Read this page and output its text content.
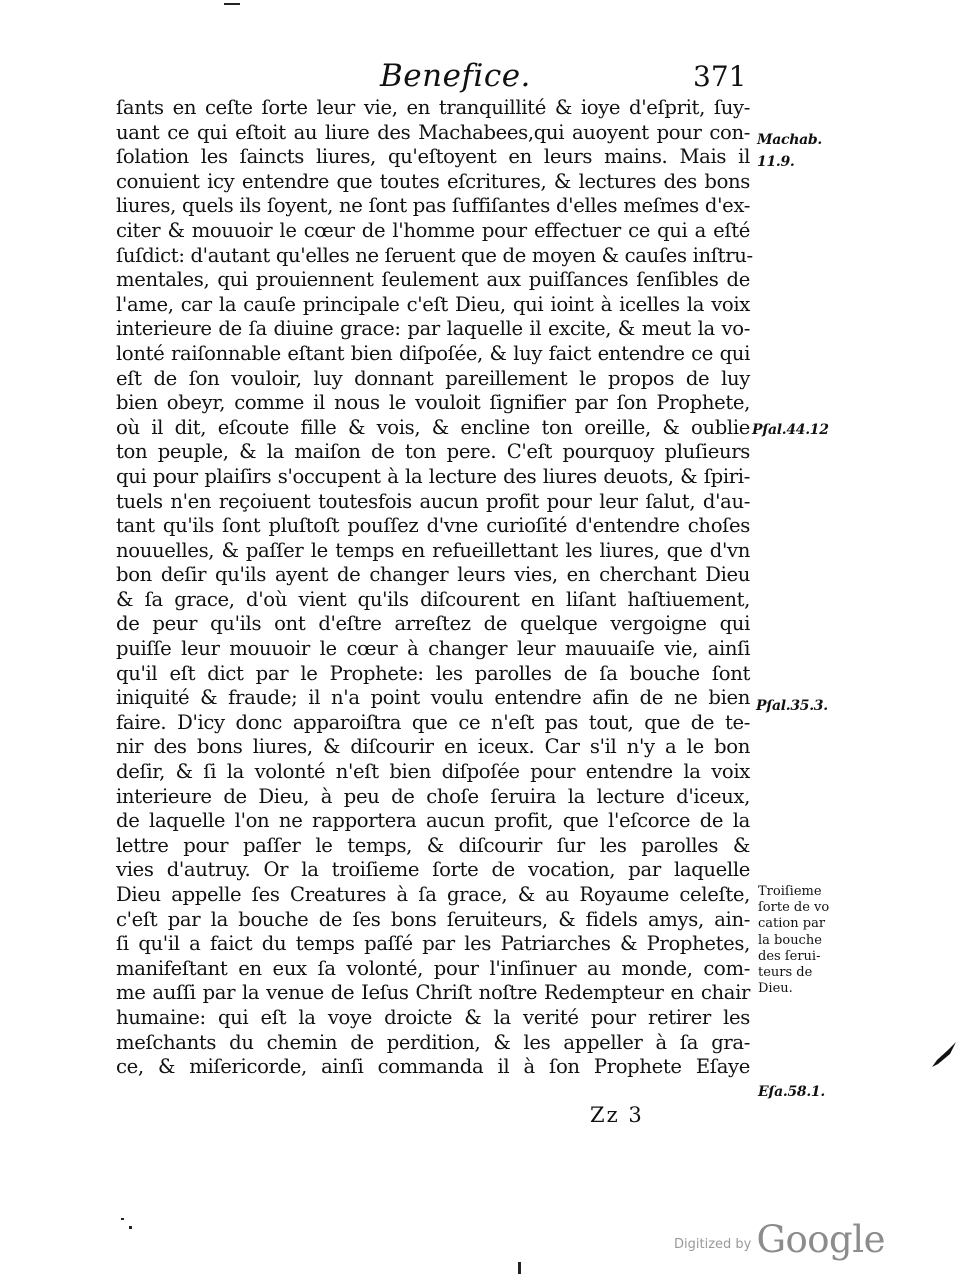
Benefice.	371
ſants en ceſte ſorte leur vie, en tranquillité & ioye d'eſprit, ſuy-
uant ce qui eſtoit au liure des Machabees,qui auoyent pour con-
ſolation les ſaincts liures, qu'eſtoyent en leurs mains. Mais il
conuient icy entendre que toutes eſcritures, & lectures des bons
liures, quels ils ſoyent, ne ſont pas ſuffiſantes d'elles meſmes d'ex-
citer & mouuoir le cœur de l'homme pour effectuer ce qui a eſté
ſuſdict: d'autant qu'elles ne ſeruent que de moyen & cauſes inſtru-
mentales, qui prouiennent ſeulement aux puiſſances ſenſibles de
l'ame, car la cauſe principale c'eſt Dieu, qui ioint à icelles la voix
interieure de ſa diuine grace: par laquelle il excite, & meut la vo-
lonté raiſonnable eſtant bien diſpoſée, & luy faict entendre ce qui
eſt de ſon vouloir, luy donnant pareillement le propos de luy
bien obeyr, comme il nous le vouloit ſignifier par ſon Prophete,
où il dit, eſcoute fille & vois, & encline ton oreille, & oublie
ton peuple, & la maiſon de ton pere. C'eſt pourquoy pluſieurs
qui pour plaiſirs s'occupent à la lecture des liures deuots, & ſpiri-
tuels n'en reçoiuent toutesfois aucun profit pour leur ſalut, d'au-
tant qu'ils ſont pluſtoſt pouſſez d'vne curioſité d'entendre choſes
nouuelles, & paſſer le temps en refueillettant les liures, que d'vn
bon deſir qu'ils ayent de changer leurs vies, en cherchant Dieu
& ſa grace, d'où vient qu'ils diſcourent en liſant haſtiuement,
de peur qu'ils ont d'eſtre arreſtez de quelque vergoigne qui
puiſſe leur mouuoir le cœur à changer leur mauuaiſe vie, ainſi
qu'il eſt dict par le Prophete: les parolles de ſa bouche ſont
iniquité & fraude; il n'a point voulu entendre afin de ne bien
faire. D'icy donc apparoiſtra que ce n'eſt pas tout, que de te-
nir des bons liures, & diſcourir en iceux. Car s'il n'y a le bon
deſir, & ſi la volonté n'eſt bien diſpoſée pour entendre la voix
interieure de Dieu, à peu de choſe ſeruira la lecture d'iceux,
de laquelle l'on ne rapportera aucun profit, que l'eſcorce de la
lettre pour paſſer le temps, & diſcourir ſur les parolles &
vies d'autruy. Or la troiſieme ſorte de vocation, par laquelle
Dieu appelle ſes Creatures à ſa grace, & au Royaume celeſte,
c'eſt par la bouche de ſes bons ſeruiteurs, & fidels amys, ain-
ſi qu'il a faict du temps paſſé par les Patriarches & Prophetes,
manifeſtant en eux ſa volonté, pour l'inſinuer au monde, com-
me auſſi par la venue de Ieſus Chriſt noſtre Redempteur en chair
humaine: qui eſt la voye droicte & la verité pour retirer les
meſchants du chemin de perdition, & les appeller à ſa gra-
ce, & miſericorde, ainſi commanda il à ſon Prophete Eſaye
Machab.
11.9.
Pſal.44.12
Pſal.35.3.
Troiſieme
ſorte de vo
cation par
la bouche
des ſerui-
teurs de
Dieu.
Eſa.58.1.
Zz 3
$^{Digitized by}$ Google
